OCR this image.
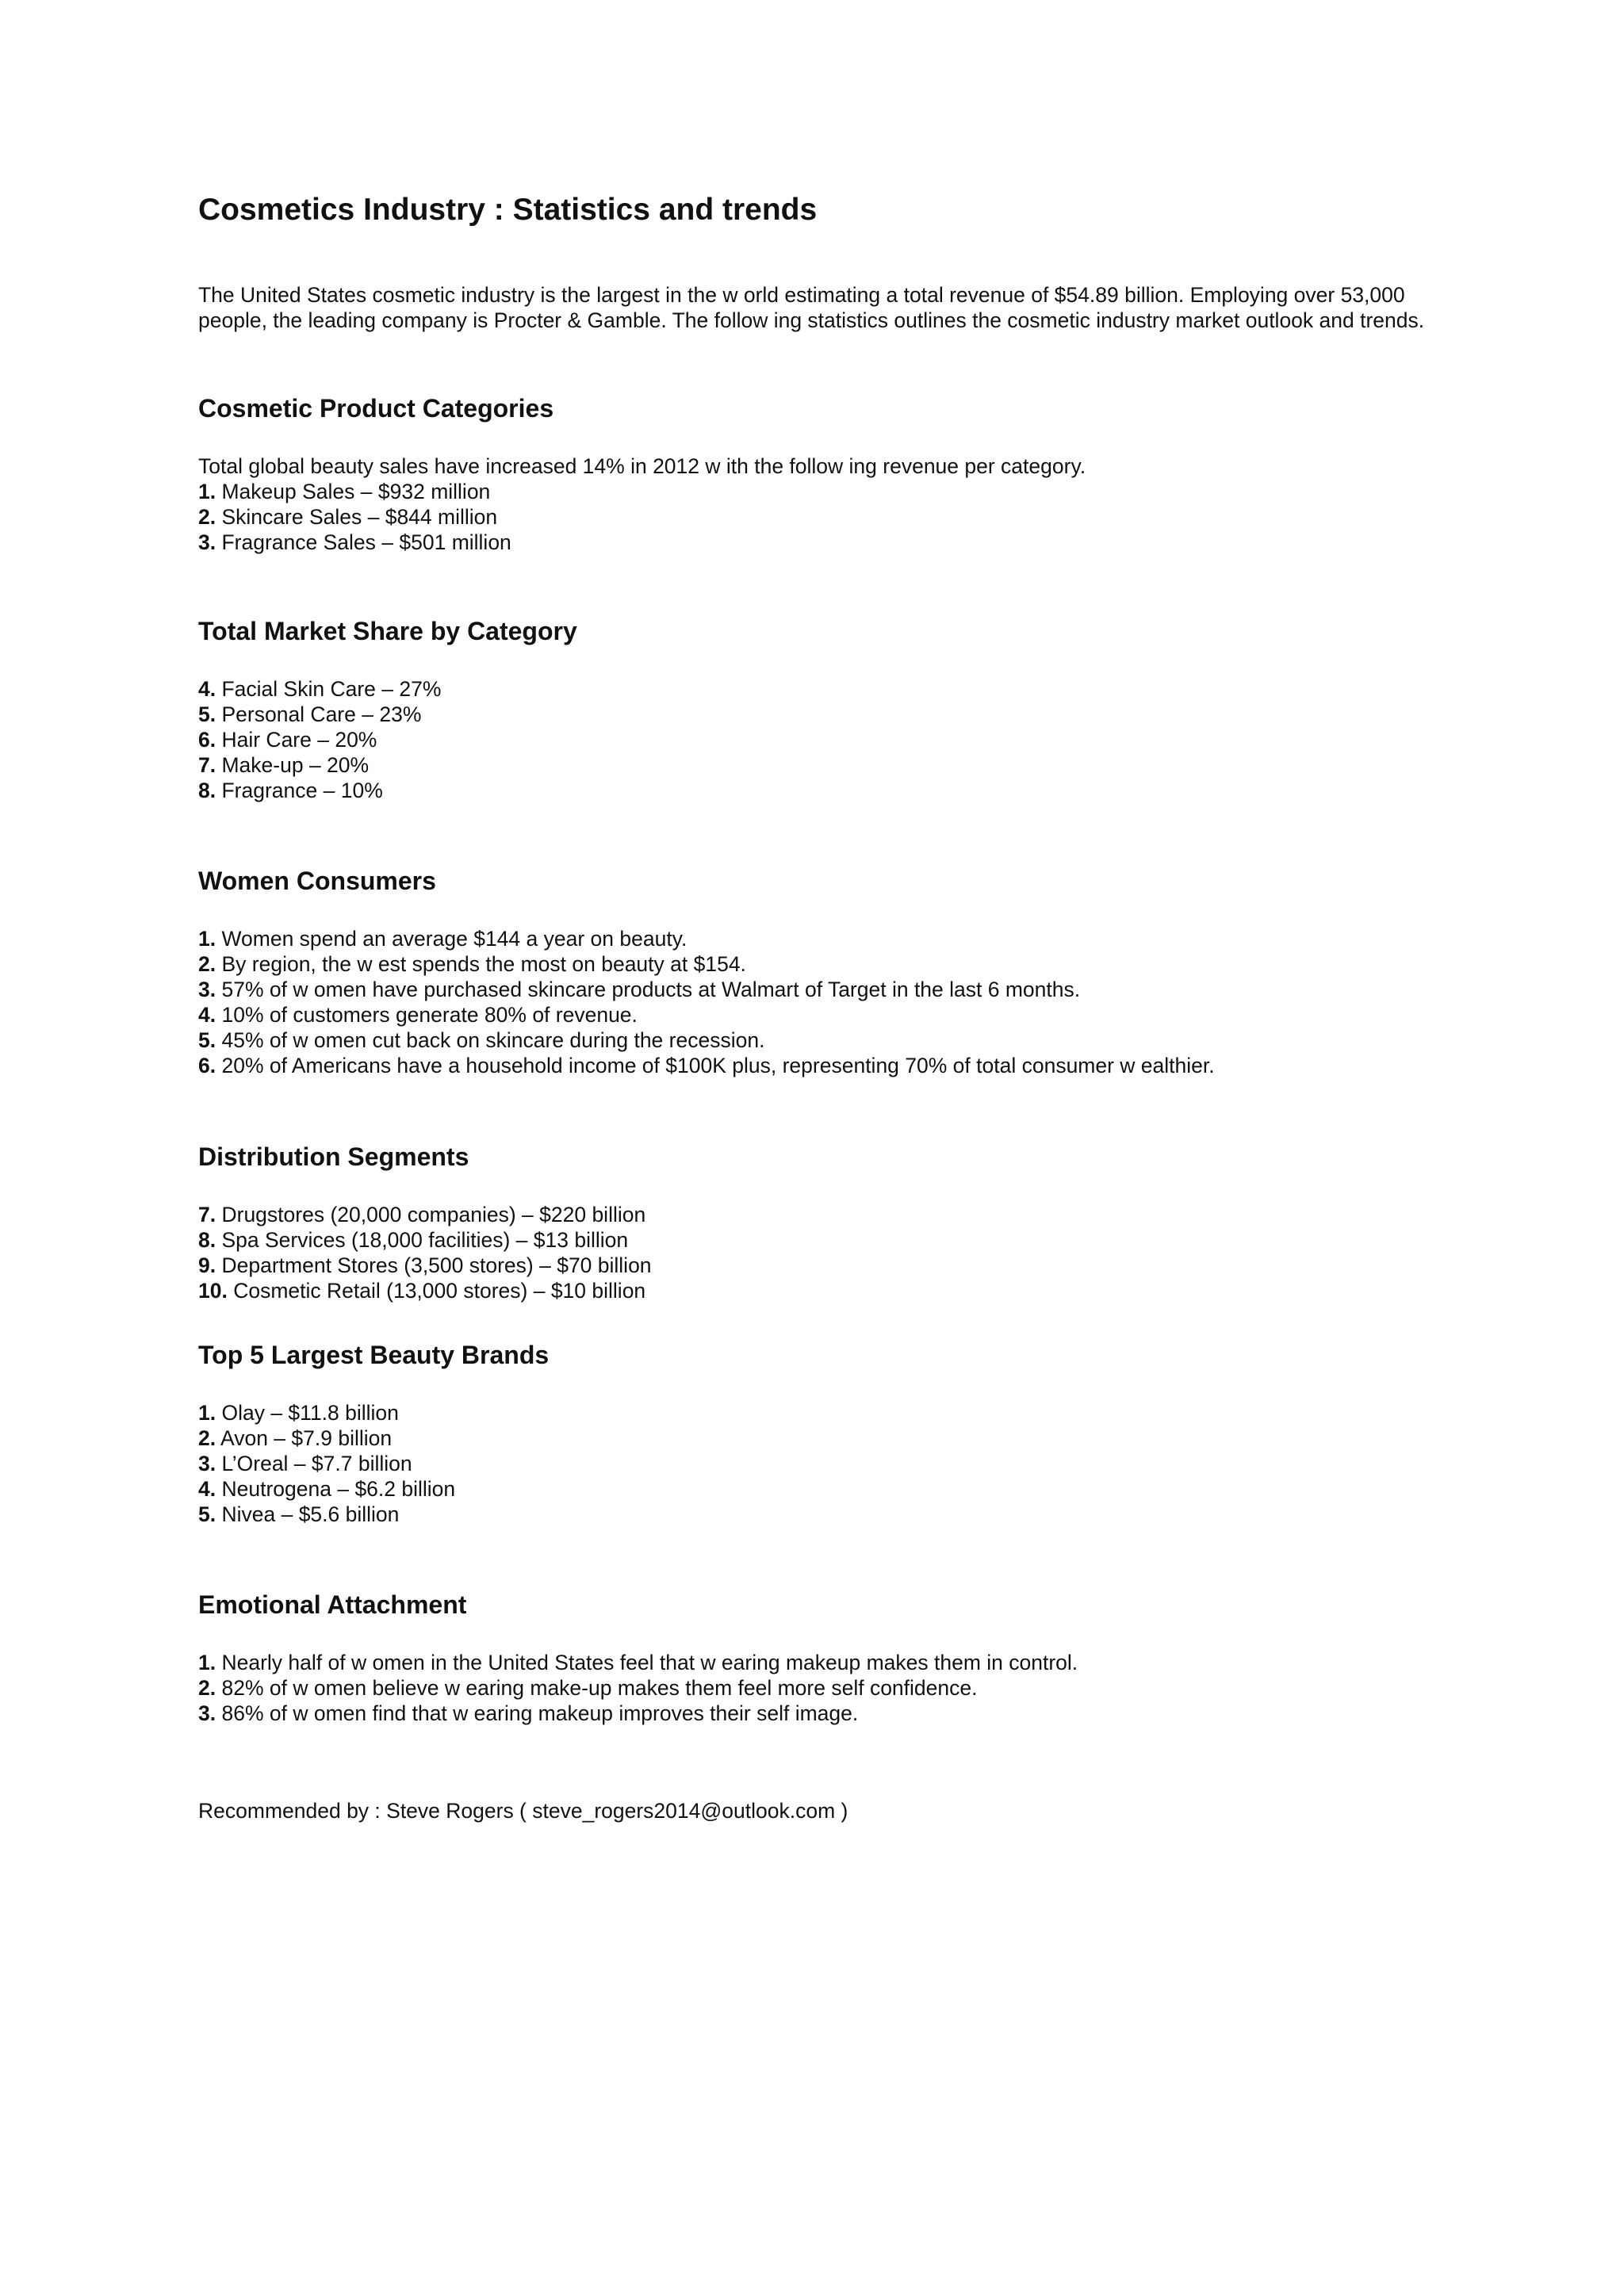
Cosmetics Industry : Statistics and trends

The United States cosmetic industry is the largest in the w orld estimating a total revenue of $54.89 billion. Employing over 53,000 people, the leading company is Procter & Gamble. The follow ing statistics outlines the cosmetic industry market outlook and trends.

Cosmetic Product Categories

Total global beauty sales have increased 14% in 2012 w ith the follow ing revenue per category.

1. Makeup Sales – $932 million
2. Skincare Sales – $844 million
3. Fragrance Sales – $501 million
Total Market Share by Category
4. Facial Skin Care – 27%
5. Personal Care – 23%
6. Hair Care – 20%
7. Make-up – 20%
8. Fragrance – 10%
Women Consumers
1. Women spend an average $144 a year on beauty.
2. By region, the w est spends the most on beauty at $154.
3. 57% of w omen have purchased skincare products at Walmart of Target in the last 6 months.
4. 10% of customers generate 80% of revenue.
5. 45% of w omen cut back on skincare during the recession.
6. 20% of Americans have a household income of $100K plus, representing 70% of total consumer w ealthier.
Distribution Segments
7. Drugstores (20,000 companies) – $220 billion
8. Spa Services (18,000 facilities) – $13 billion
9. Department Stores (3,500 stores) – $70 billion
10. Cosmetic Retail (13,000 stores) – $10 billion
Top 5 Largest Beauty Brands
1. Olay – $11.8 billion
2. Avon – $7.9 billion
3. L’Oreal – $7.7 billion
4. Neutrogena – $6.2 billion
5. Nivea – $5.6 billion
Emotional Attachment
1. Nearly half of w omen in the United States feel that w earing makeup makes them in control.
2. 82% of w omen believe w earing make-up makes them feel more self confidence.
3. 86% of w omen find that w earing makeup improves their self image.

Recommended by : Steve Rogers ( steve_rogers2014@outlook.com )
